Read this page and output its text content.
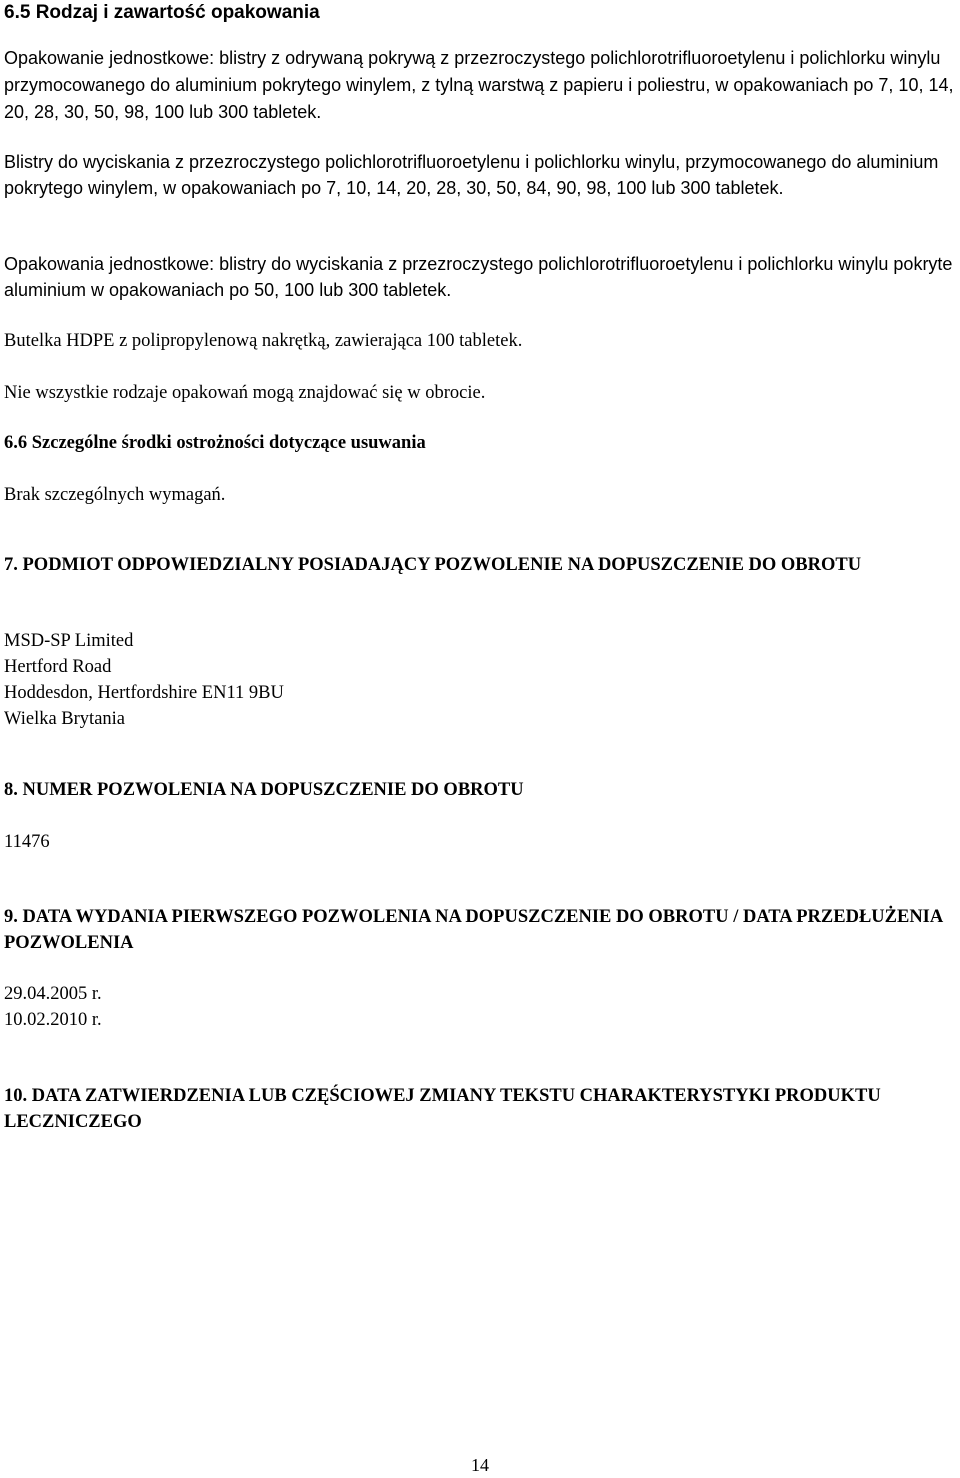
6.5 Rodzaj i zawartość opakowania

Opakowanie jednostkowe: blistry z odrywaną pokrywą z przezroczystego polichlorotrifluoroetylenu i polichlorku winylu przymocowanego do aluminium pokrytego winylem, z tylną warstwą z papieru i poliestru, w opakowaniach po 7, 10, 14, 20, 28, 30, 50, 98, 100 lub 300 tabletek.

Blistry do wyciskania z przezroczystego polichlorotrifluoroetylenu i polichlorku winylu, przymocowanego do aluminium pokrytego winylem, w opakowaniach po 7, 10, 14, 20, 28, 30, 50, 84, 90, 98, 100 lub 300 tabletek.

Opakowania jednostkowe: blistry do wyciskania z przezroczystego polichlorotrifluoroetylenu i polichlorku winylu pokryte aluminium w opakowaniach po 50, 100 lub 300 tabletek.

Butelka HDPE z polipropylenową nakrętką, zawierająca 100 tabletek.

Nie wszystkie rodzaje opakowań mogą znajdować się w obrocie.

6.6 Szczególne środki ostrożności dotyczące usuwania

Brak szczególnych wymagań.

7. PODMIOT ODPOWIEDZIALNY POSIADAJĄCY POZWOLENIE NA DOPUSZCZENIE DO OBROTU

MSD-SP Limited
Hertford Road
Hoddesdon, Hertfordshire EN11 9BU
Wielka Brytania

8. NUMER POZWOLENIA NA DOPUSZCZENIE DO OBROTU

11476

9. DATA WYDANIA PIERWSZEGO POZWOLENIA NA DOPUSZCZENIE DO OBROTU / DATA PRZEDŁUŻENIA POZWOLENIA

29.04.2005 r.
10.02.2010 r.

10. DATA ZATWIERDZENIA LUB CZĘŚCIOWEJ ZMIANY TEKSTU CHARAKTERYSTYKI PRODUKTU LECZNICZEGO

14
